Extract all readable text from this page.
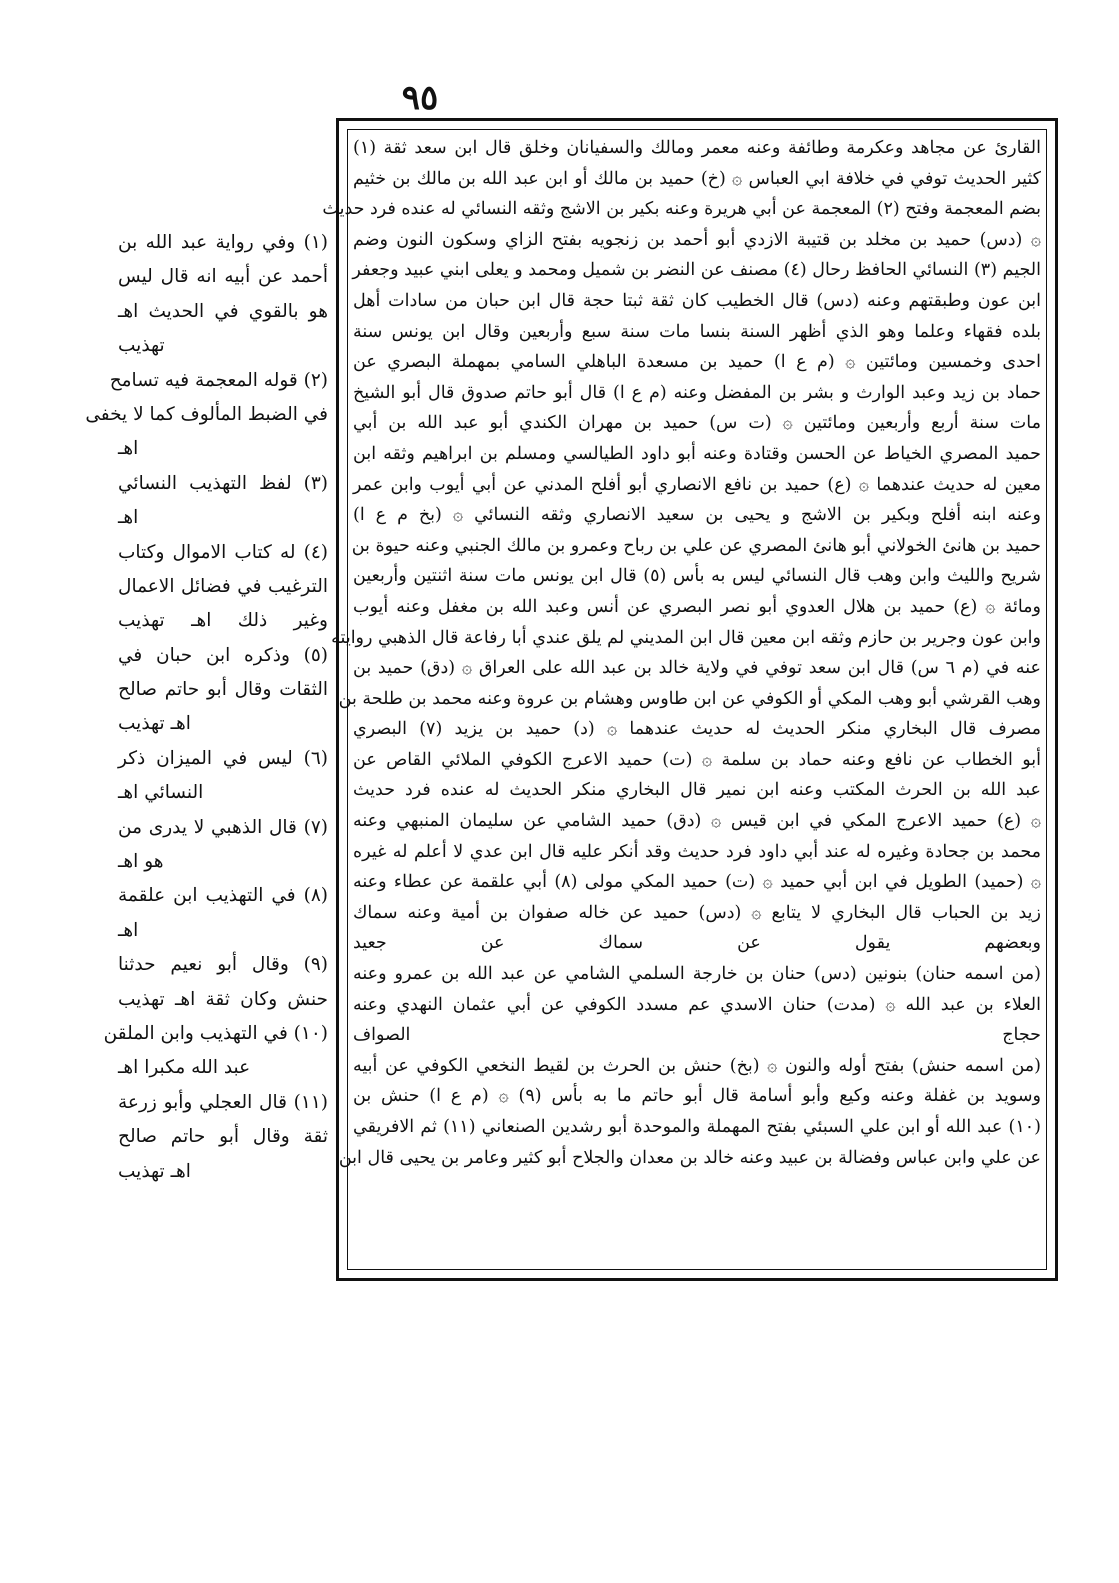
٩٥
القارئ عن مجاهد وعكرمة وطائفة وعنه معمر ومالك والسفيانان وخلق قال ابن سعد ثقة (١)
كثير الحديث توفي في خلافة ابي العباس ۞ (خ) حميد بن مالك أو ابن عبد الله بن مالك بن خثيم
بضم المعجمة وفتح (٢) المعجمة عن أبي هريرة وعنه بكير بن الاشج وثقه النسائي له عنده فرد حديث
۞ (دس) حميد بن مخلد بن قتيبة الازدي أبو أحمد بن زنجويه بفتح الزاي وسكون النون وضم
الجيم (٣) النسائي الحافظ رحال (٤) مصنف عن النضر بن شميل ومحمد و يعلى ابني عبيد وجعفر
ابن عون وطبقتهم وعنه (دس) قال الخطيب كان ثقة ثبتا حجة قال ابن حبان من سادات أهل
بلده فقهاء وعلما وهو الذي أظهر السنة بنسا مات سنة سبع وأربعين وقال ابن يونس سنة
احدى وخمسين ومائتين ۞ (م ع ا) حميد بن مسعدة الباهلي السامي بمهملة البصري عن
حماد بن زيد وعبد الوارث و بشر بن المفضل وعنه (م ع ا) قال أبو حاتم صدوق قال أبو الشيخ
مات سنة أربع وأربعين ومائتين ۞ (ت س) حميد بن مهران الكندي أبو عبد الله بن أبي
حميد المصري الخياط عن الحسن وقتادة وعنه أبو داود الطيالسي ومسلم بن ابراهيم وثقه ابن
معين له حديث عندهما ۞ (ع) حميد بن نافع الانصاري أبو أفلح المدني عن أبي أيوب وابن عمر
وعنه ابنه أفلح وبكير بن الاشج و يحيى بن سعيد الانصاري وثقه النسائي ۞ (بخ م ع ا)
حميد بن هانئ الخولاني أبو هانئ المصري عن علي بن رباح وعمرو بن مالك الجنبي وعنه حيوة بن
شريح والليث وابن وهب قال النسائي ليس به بأس (٥) قال ابن يونس مات سنة اثنتين وأربعين
ومائة ۞ (ع) حميد بن هلال العدوي أبو نصر البصري عن أنس وعبد الله بن مغفل وعنه أيوب
وابن عون وجرير بن حازم وثقه ابن معين قال ابن المديني لم يلق عندي أبا رفاعة قال الذهبي روايته
عنه في (م ٦ س) قال ابن سعد توفي في ولاية خالد بن عبد الله على العراق ۞ (دق) حميد بن
وهب القرشي أبو وهب المكي أو الكوفي عن ابن طاوس وهشام بن عروة وعنه محمد بن طلحة بن
مصرف قال البخاري منكر الحديث له حديث عندهما ۞ (د) حميد بن يزيد (٧) البصري
أبو الخطاب عن نافع وعنه حماد بن سلمة ۞ (ت) حميد الاعرج الكوفي الملائي القاص عن
عبد الله بن الحرث المكتب وعنه ابن نمير قال البخاري منكر الحديث له عنده فرد حديث
۞ (ع) حميد الاعرج المكي في ابن قيس ۞ (دق) حميد الشامي عن سليمان المنبهي وعنه
محمد بن جحادة وغيره له عند أبي داود فرد حديث وقد أنكر عليه قال ابن عدي لا أعلم له غيره
۞ (حميد) الطويل في ابن أبي حميد ۞ (ت) حميد المكي مولى (٨) أبي علقمة عن عطاء وعنه
زيد بن الحباب قال البخاري لا يتابع ۞ (دس) حميد عن خاله صفوان بن أمية وعنه سماك
وبعضهم يقول عن سماك عن جعيد
(من اسمه حنان) بنونين (دس) حنان بن خارجة السلمي الشامي عن عبد الله بن عمرو وعنه
العلاء بن عبد الله ۞ (مدت) حنان الاسدي عم مسدد الكوفي عن أبي عثمان النهدي وعنه
حجاج الصواف
(من اسمه حنش) بفتح أوله والنون ۞ (بخ) حنش بن الحرث بن لقيط النخعي الكوفي عن أبيه
وسويد بن غفلة وعنه وكيع وأبو أسامة قال أبو حاتم ما به بأس (٩) ۞ (م ع ا) حنش بن
(١٠) عبد الله أو ابن علي السبئي بفتح المهملة والموحدة أبو رشدين الصنعاني (١١) ثم الافريقي
عن علي وابن عباس وفضالة بن عبيد وعنه خالد بن معدان والجلاح أبو كثير وعامر بن يحيى قال ابن
(١) وفي رواية عبد الله بن
أحمد عن أبيه انه قال ليس
هو بالقوي في الحديث اهـ
تهذيب
(٢) قوله المعجمة فيه تسامح
في الضبط المألوف كما لا يخفى
اهـ
(٣) لفظ التهذيب النسائي
اهـ
(٤) له كتاب الاموال وكتاب
الترغيب في فضائل الاعمال
وغير ذلك اهـ تهذيب
(٥) وذكره ابن حبان في
الثقات وقال أبو حاتم صالح
اهـ تهذيب
(٦) ليس في الميزان ذكر
النسائي اهـ
(٧) قال الذهبي لا يدرى من
هو اهـ
(٨) في التهذيب ابن علقمة
اهـ
(٩) وقال أبو نعيم حدثنا
حنش وكان ثقة اهـ تهذيب
(١٠) في التهذيب وابن الملقن
عبد الله مكبرا اهـ
(١١) قال العجلي وأبو زرعة
ثقة وقال أبو حاتم صالح
اهـ تهذيب
